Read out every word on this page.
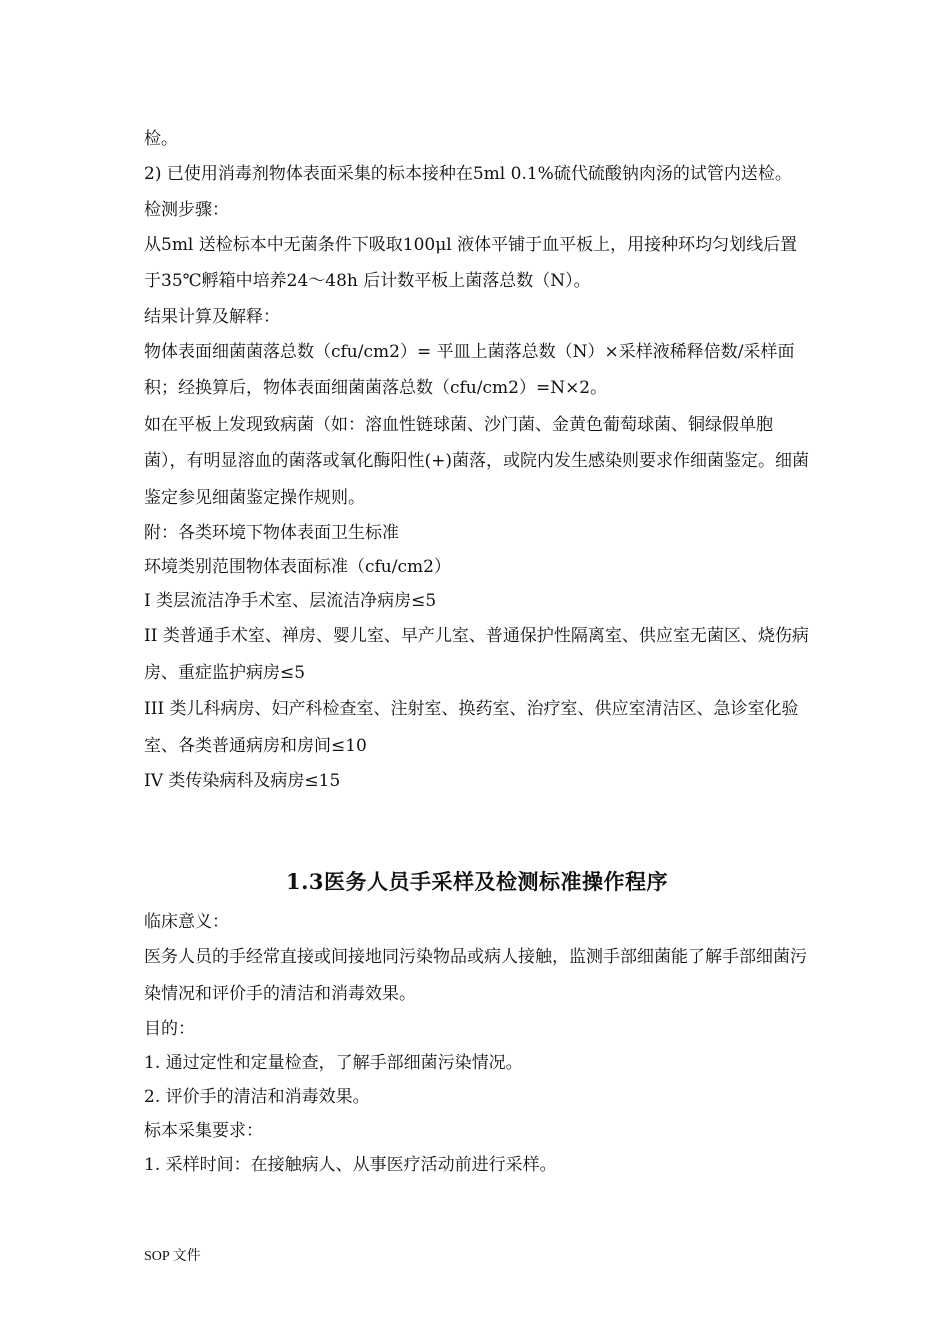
检。

2) 已使用消毒剂物体表面采集的标本接种在5ml 0.1%硫代硫酸钠肉汤的试管内送检。

检测步骤：

从5ml 送检标本中无菌条件下吸取100μl 液体平铺于血平板上，用接种环均匀划线后置于35℃孵箱中培养24～48h 后计数平板上菌落总数（N）。

结果计算及解释：

物体表面细菌菌落总数（cfu/cm2）= 平皿上菌落总数（N）×采样液稀释倍数/采样面积；经换算后，物体表面细菌菌落总数（cfu/cm2）=N×2。

如在平板上发现致病菌（如：溶血性链球菌、沙门菌、金黄色葡萄球菌、铜绿假单胞菌），有明显溶血的菌落或氧化酶阳性(+)菌落，或院内发生感染则要求作细菌鉴定。细菌鉴定参见细菌鉴定操作规则。

附：各类环境下物体表面卫生标准

环境类别范围物体表面标准（cfu/cm2）

I 类层流洁净手术室、层流洁净病房≤5

II 类普通手术室、禅房、婴儿室、早产儿室、普通保护性隔离室、供应室无菌区、烧伤病房、重症监护病房≤5

III 类儿科病房、妇产科检查室、注射室、换药室、治疗室、供应室清洁区、急诊室化验室、各类普通病房和房间≤10

IV 类传染病科及病房≤15

1.3医务人员手采样及检测标准操作程序

临床意义：

医务人员的手经常直接或间接地同污染物品或病人接触，监测手部细菌能了解手部细菌污染情况和评价手的清洁和消毒效果。

目的：

1. 通过定性和定量检查，了解手部细菌污染情况。

2. 评价手的清洁和消毒效果。

标本采集要求：

1. 采样时间：在接触病人、从事医疗活动前进行采样。

SOP 文件
